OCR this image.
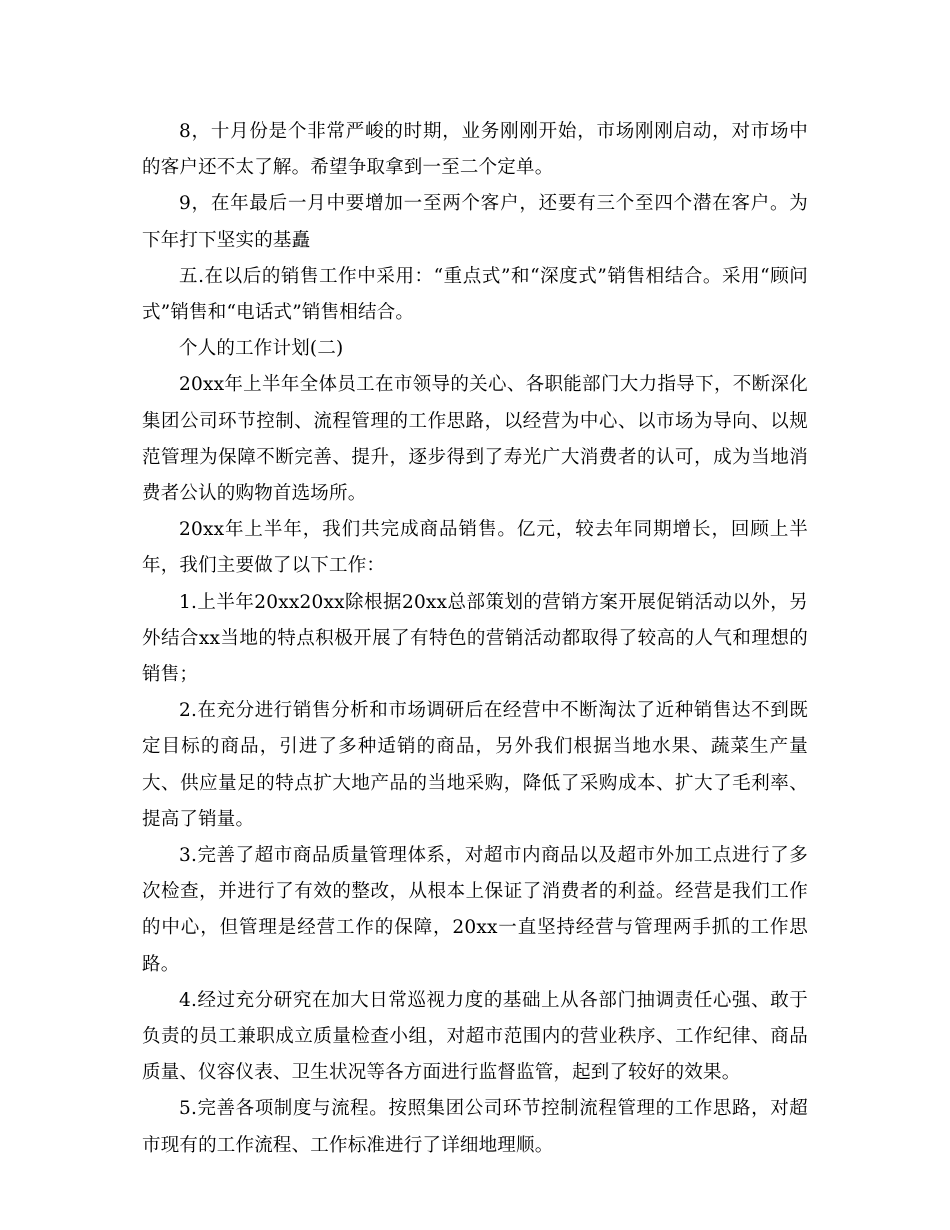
8，十月份是个非常严峻的时期，业务刚刚开始，市场刚刚启动，对市场中的客户还不太了解。希望争取拿到一至二个定单。

9，在年最后一月中要增加一至两个客户，还要有三个至四个潜在客户。为下年打下坚实的基矗

五.在以后的销售工作中采用：“重点式”和“深度式”销售相结合。采用“顾问式”销售和“电话式”销售相结合。

个人的工作计划(二)

20xx年上半年全体员工在市领导的关心、各职能部门大力指导下，不断深化集团公司环节控制、流程管理的工作思路，以经营为中心、以市场为导向、以规范管理为保障不断完善、提升，逐步得到了寿光广大消费者的认可，成为当地消费者公认的购物首选场所。

20xx年上半年，我们共完成商品销售。亿元，较去年同期增长，回顾上半年，我们主要做了以下工作：

1.上半年20xx20xx除根据20xx总部策划的营销方案开展促销活动以外，另外结合xx当地的特点积极开展了有特色的营销活动都取得了较高的人气和理想的销售；

2.在充分进行销售分析和市场调研后在经营中不断淘汰了近种销售达不到既定目标的商品，引进了多种适销的商品，另外我们根据当地水果、蔬菜生产量大、供应量足的特点扩大地产品的当地采购，降低了采购成本、扩大了毛利率、提高了销量。

3.完善了超市商品质量管理体系，对超市内商品以及超市外加工点进行了多次检查，并进行了有效的整改，从根本上保证了消费者的利益。经营是我们工作的中心，但管理是经营工作的保障，20xx一直坚持经营与管理两手抓的工作思路。

4.经过充分研究在加大日常巡视力度的基础上从各部门抽调责任心强、敢于负责的员工兼职成立质量检查小组，对超市范围内的营业秩序、工作纪律、商品质量、仪容仪表、卫生状况等各方面进行监督监管，起到了较好的效果。

5.完善各项制度与流程。按照集团公司环节控制流程管理的工作思路，对超市现有的工作流程、工作标准进行了详细地理顺。
